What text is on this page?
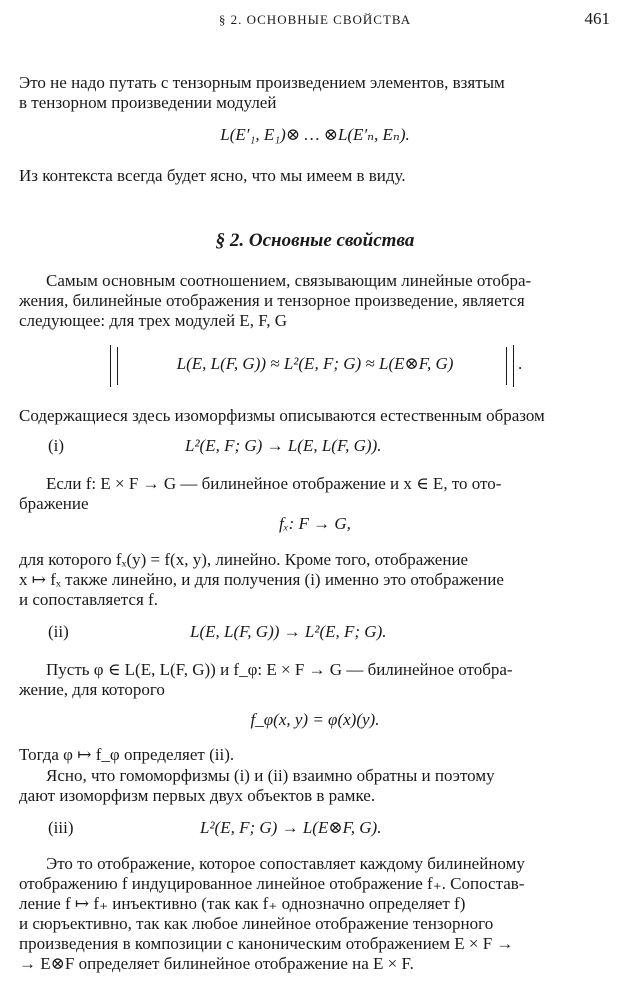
§ 2. ОСНОВНЫЕ СВОЙСТВА	461
Это не надо путать с тензорным произведением элементов, взятым
в тензорном произведении модулей
L(E′₁, E₁)⊗ … ⊗L(E′ₙ, Eₙ).
Из контекста всегда будет ясно, что мы имеем в виду.
§ 2. Основные свойства
Самым основным соотношением, связывающим линейные отобра-
жения, билинейные отображения и тензорное произведение, является
следующее: для трех модулей E, F, G
L(E, L(F, G)) ≈ L²(E, F; G) ≈ L(E⊗F, G)	.
Содержащиеся здесь изоморфизмы описываются естественным образом
(i)	L²(E, F; G) → L(E, L(F, G)).
Если f: E × F → G — билинейное отображение и x ∈ E, то ото-
бражение
fₓ: F → G,
для которого fₓ(y) = f(x, y), линейно. Кроме того, отображение
x ↦ fₓ также линейно, и для получения (i) именно это отображение
и сопоставляется f.
(ii)	L(E, L(F, G)) → L²(E, F; G).
Пусть φ ∈ L(E, L(F, G)) и f_φ: E × F → G — билинейное отобра-
жение, для которого
f_φ(x, y) = φ(x)(y).
Тогда φ ↦ f_φ определяет (ii).
Ясно, что гомоморфизмы (i) и (ii) взаимно обратны и поэтому
дают изоморфизм первых двух объектов в рамке.
(iii)	L²(E, F; G) → L(E⊗F, G).
Это то отображение, которое сопоставляет каждому билинейному
отображению f индуцированное линейное отображение f₊. Сопостав-
ление f ↦ f₊ инъективно (так как f₊ однозначно определяет f)
и сюръективно, так как любое линейное отображение тензорного
произведения в композиции с каноническим отображением E × F →
→ E⊗F определяет билинейное отображение на E × F.
